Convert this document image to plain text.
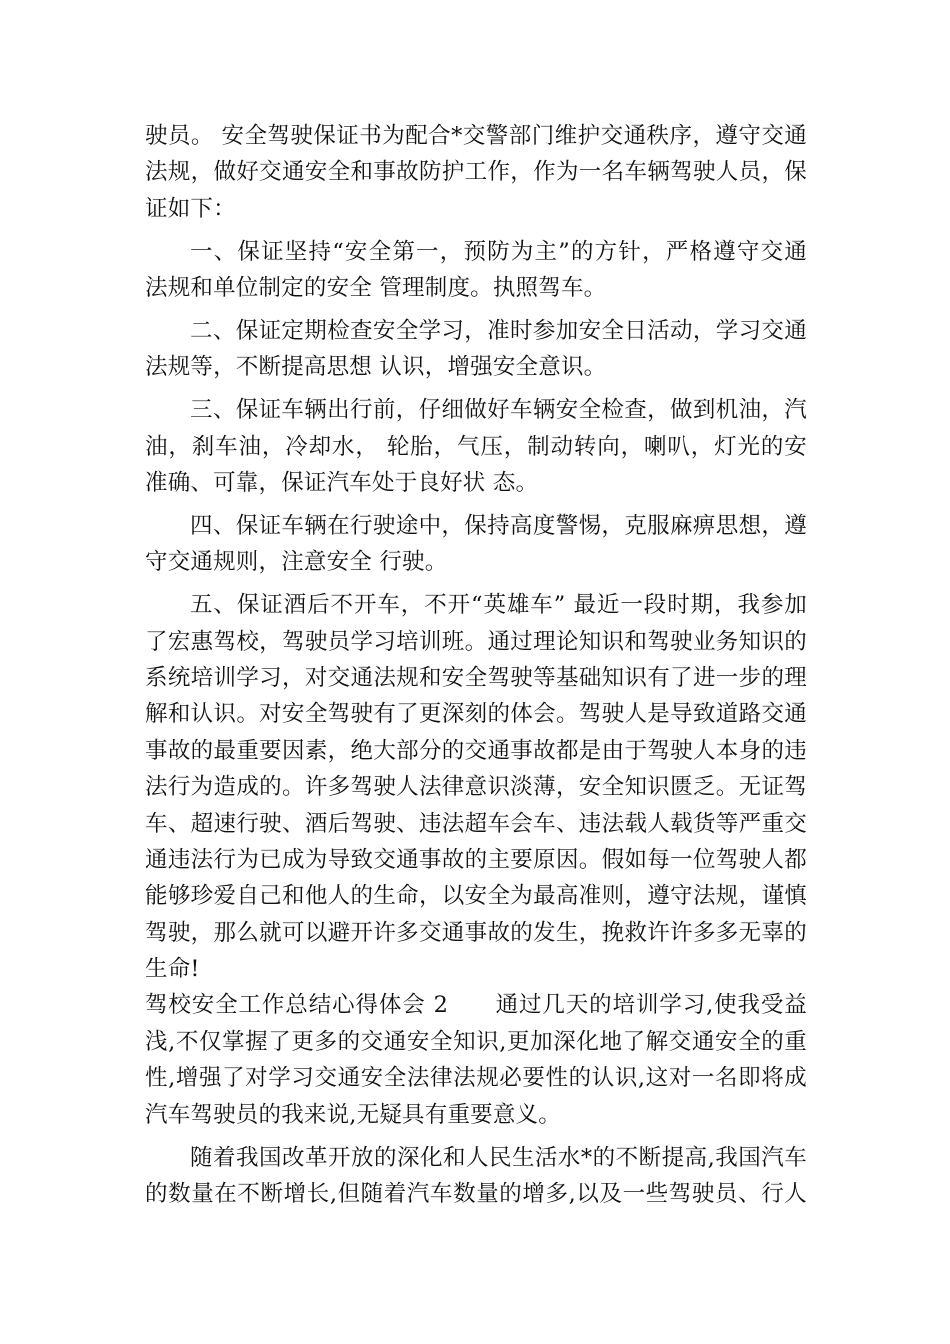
驶员。 安全驾驶保证书为配合*交警部门维护交通秩序，遵守交通
法规，做好交通安全和事故防护工作，作为一名车辆驾驶人员，保
证如下：
一、保证坚持“安全第一，预防为主”的方针，严格遵守交通
法规和单位制定的安全 管理制度。执照驾车。
二、保证定期检查安全学习，准时参加安全日活动，学习交通
法规等，不断提高思想 认识，增强安全意识。
三、保证车辆出行前，仔细做好车辆安全检查，做到机油，汽
油，刹车油，冷却水， 轮胎，气压，制动转向，喇叭，灯光的安
准确、可靠，保证汽车处于良好状 态。
四、保证车辆在行驶途中，保持高度警惕，克服麻痹思想，遵
守交通规则，注意安全 行驶。
五、保证酒后不开车，不开“英雄车” 最近一段时期，我参加
了宏惠驾校，驾驶员学习培训班。通过理论知识和驾驶业务知识的
系统培训学习，对交通法规和安全驾驶等基础知识有了进一步的理
解和认识。对安全驾驶有了更深刻的体会。驾驶人是导致道路交通
事故的最重要因素，绝大部分的交通事故都是由于驾驶人本身的违
法行为造成的。许多驾驶人法律意识淡薄，安全知识匮乏。无证驾
车、超速行驶、酒后驾驶、违法超车会车、违法载人载货等严重交
通违法行为已成为导致交通事故的主要原因。假如每一位驾驶人都
能够珍爱自己和他人的生命，以安全为最高准则，遵守法规，谨慎
驾驶，那么就可以避开许多交通事故的发生，挽救许许多多无辜的
生命!
驾校安全工作总结心得体会 2　　通过几天的培训学习,使我受益
浅,不仅掌握了更多的交通安全知识,更加深化地了解交通安全的重
性,增强了对学习交通安全法律法规必要性的认识,这对一名即将成
汽车驾驶员的我来说,无疑具有重要意义。
随着我国改革开放的深化和人民生活水*的不断提高,我国汽车
的数量在不断增长,但随着汽车数量的增多,以及一些驾驶员、行人
